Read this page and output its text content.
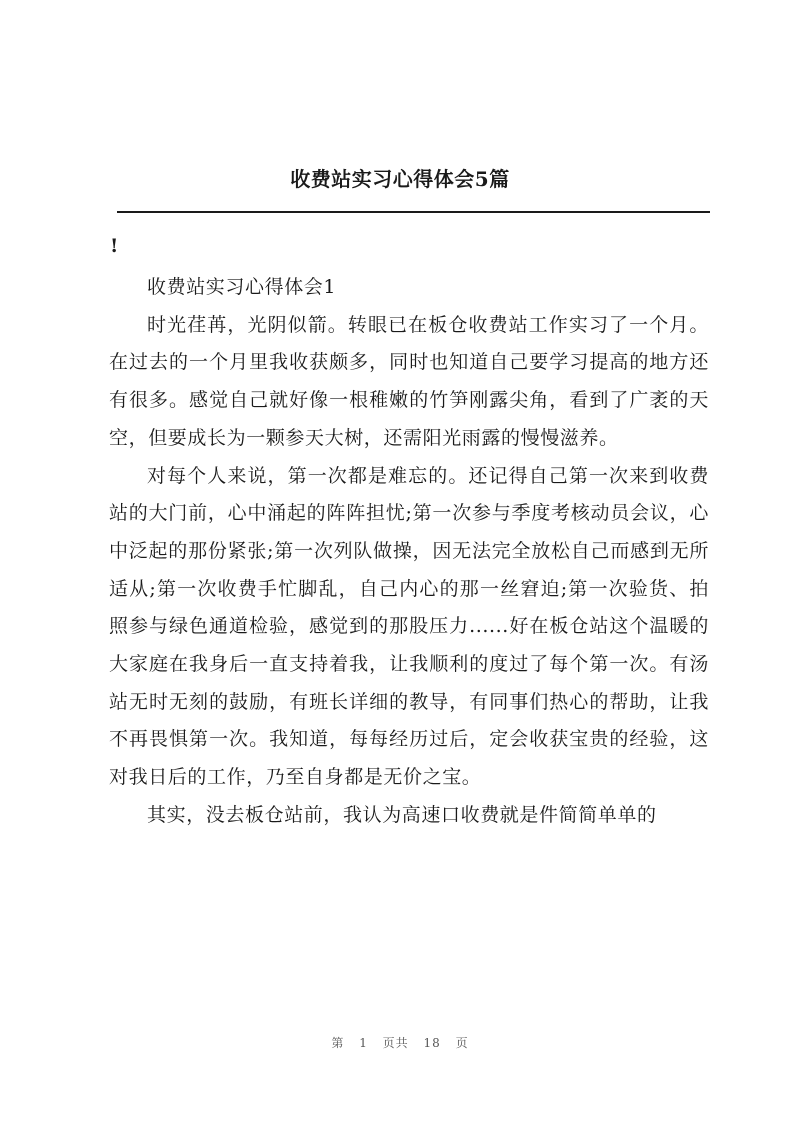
收费站实习心得体会5篇
!

收费站实习心得体会1

时光荏苒，光阴似箭。转眼已在板仓收费站工作实习了一个月。在过去的一个月里我收获颇多，同时也知道自己要学习提高的地方还有很多。感觉自己就好像一根稚嫩的竹笋刚露尖角，看到了广袤的天空，但要成长为一颗参天大树，还需阳光雨露的慢慢滋养。

对每个人来说，第一次都是难忘的。还记得自己第一次来到收费站的大门前，心中涌起的阵阵担忧;第一次参与季度考核动员会议，心中泛起的那份紧张;第一次列队做操，因无法完全放松自己而感到无所适从;第一次收费手忙脚乱，自己内心的那一丝窘迫;第一次验货、拍照参与绿色通道检验，感觉到的那股压力......好在板仓站这个温暖的大家庭在我身后一直支持着我，让我顺利的度过了每个第一次。有汤站无时无刻的鼓励，有班长详细的教导，有同事们热心的帮助，让我不再畏惧第一次。我知道，每每经历过后，定会收获宝贵的经验，这对我日后的工作，乃至自身都是无价之宝。

其实，没去板仓站前，我认为高速口收费就是件简简单单的

第 1 页共 18 页
